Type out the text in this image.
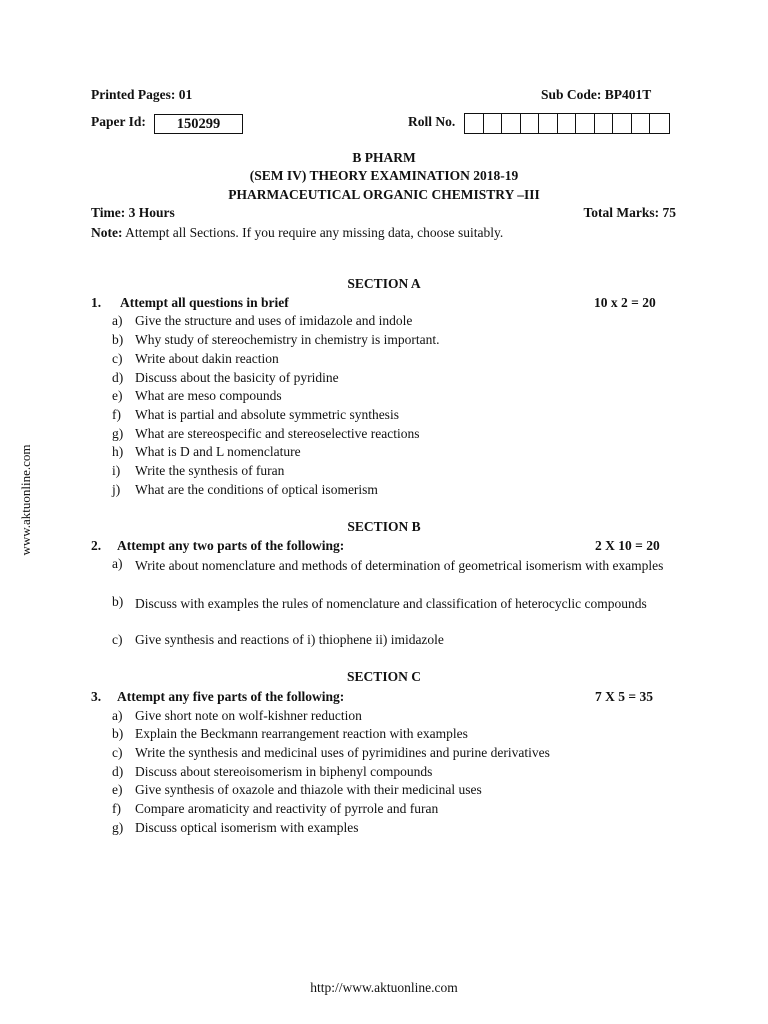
Printed Pages: 01	Sub Code: BP401T
Paper Id:	150299	Roll No.
B PHARM
(SEM IV) THEORY EXAMINATION 2018-19
PHARMACEUTICAL ORGANIC CHEMISTRY –III
Time: 3 Hours	Total Marks: 75
Note: Attempt all Sections. If you require any missing data, choose suitably.
SECTION A
1. Attempt all questions in brief	10 x 2 = 20
a) Give the structure and uses of imidazole and indole
b) Why study of stereochemistry in chemistry is important.
c) Write about dakin reaction
d) Discuss about the basicity of pyridine
e) What are meso compounds
f) What is partial and absolute symmetric synthesis
g) What are stereospecific and stereoselective reactions
h) What is D and L nomenclature
i) Write the synthesis of furan
j) What are the conditions of optical isomerism
SECTION B
2. Attempt any two parts of the following:	2 X 10 = 20
a) Write about nomenclature and methods of determination of geometrical isomerism with examples
b) Discuss with examples the rules of nomenclature and classification of heterocyclic compounds
c) Give synthesis and reactions of i) thiophene ii) imidazole
SECTION C
3. Attempt any five parts of the following:	7 X 5 = 35
a) Give short note on wolf-kishner reduction
b) Explain the Beckmann rearrangement reaction with examples
c) Write the synthesis and medicinal uses of pyrimidines and purine derivatives
d) Discuss about stereoisomerism in biphenyl compounds
e) Give synthesis of oxazole and thiazole with their medicinal uses
f) Compare aromaticity and reactivity of pyrrole and furan
g) Discuss optical isomerism with examples
www.aktuonline.com
http://www.aktuonline.com
